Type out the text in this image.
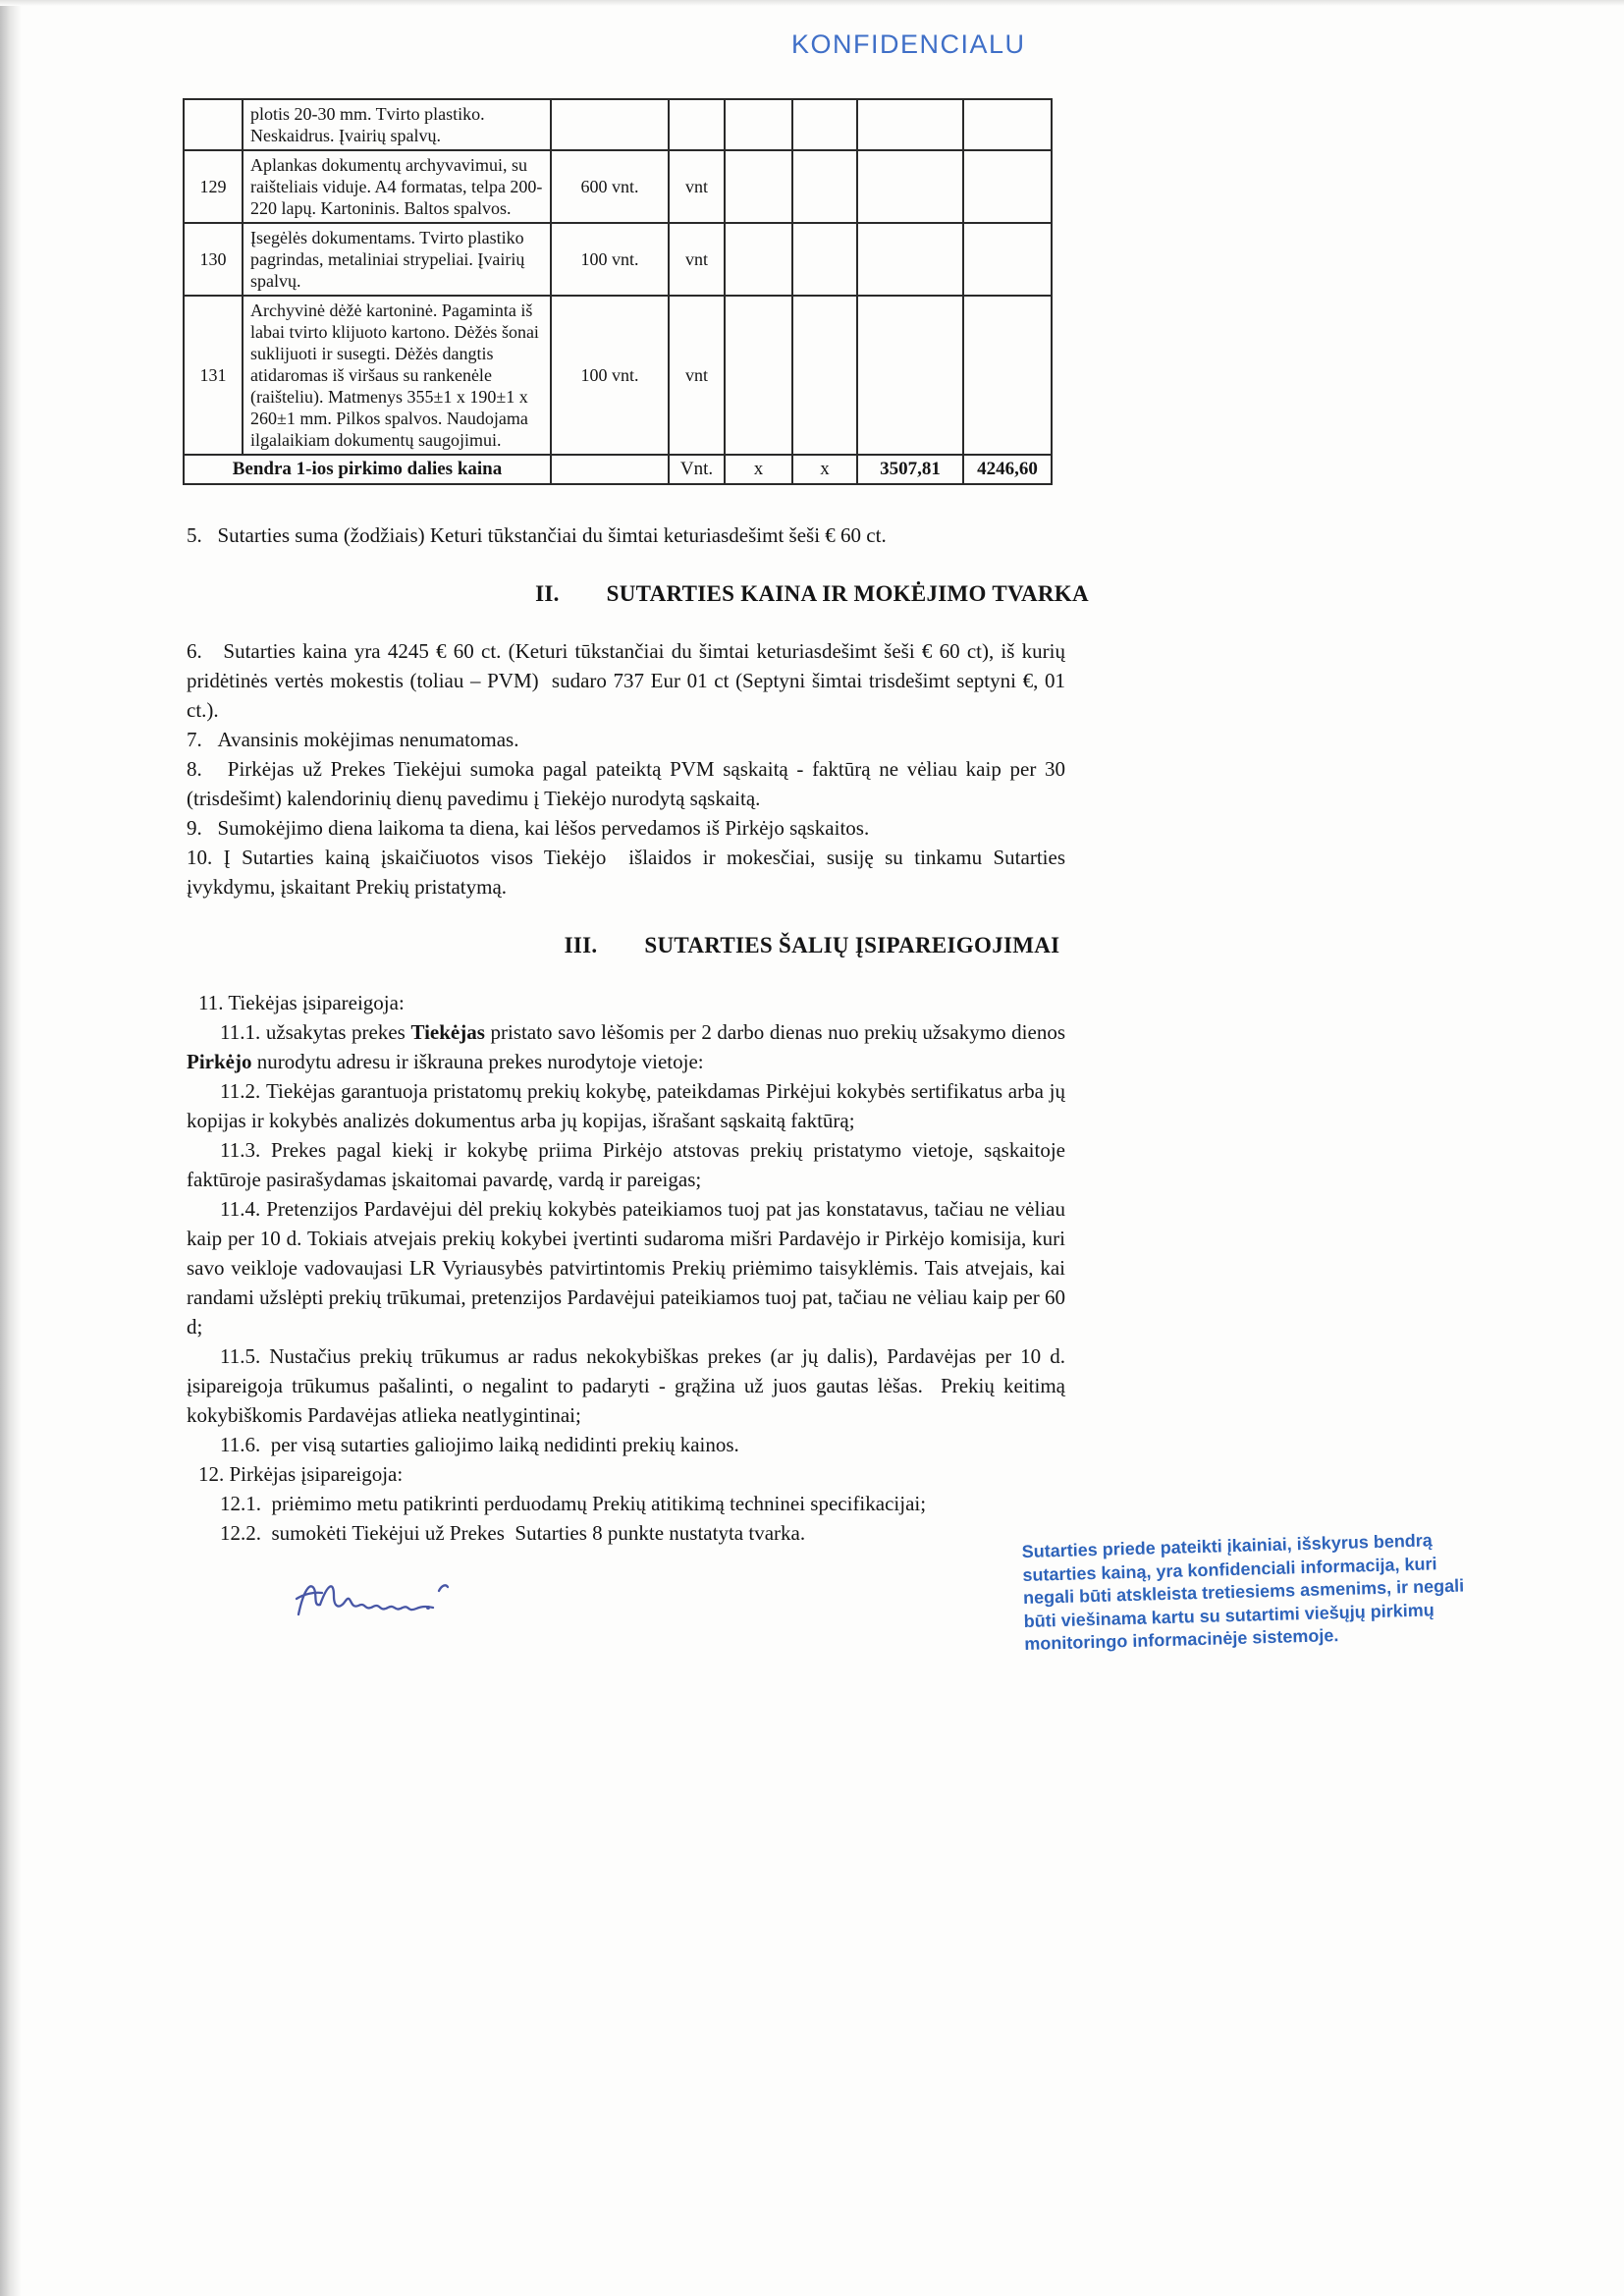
KONFIDENCIALU
	plotis 20-30 mm. Tvirto plastiko. Neskaidrus. Įvairių spalvų.						
129	Aplankas dokumentų archyvavimui, su raišteliais viduje. A4 formatas, telpa 200-220 lapų. Kartoninis. Baltos spalvos.	600 vnt.	vnt				
130	Įsegėlės dokumentams. Tvirto plastiko pagrindas, metaliniai strypeliai. Įvairių spalvų.	100 vnt.	vnt				
131	Archyvinė dėžė kartoninė. Pagaminta iš labai tvirto klijuoto kartono. Dėžės šonai suklijuoti ir susegti. Dėžės dangtis atidaromas iš viršaus su rankenėle (raišteliu). Matmenys 355±1 x 190±1 x 260±1 mm. Pilkos spalvos. Naudojama ilgalaikiam dokumentų saugojimui.	100 vnt.	vnt				
Bendra 1-ios pirkimo dalies kaina			Vnt.	x	x	3507,81	4246,60

5.   Sutarties suma (žodžiais) Keturi tūkstančiai du šimtai keturiasdešimt šeši € 60 ct.

II. SUTARTIES KAINA IR MOKĖJIMO TVARKA

6.   Sutarties kaina yra 4245 € 60 ct. (Keturi tūkstančiai du šimtai keturiasdešimt šeši € 60 ct), iš kurių pridėtinės vertės mokestis (toliau – PVM)  sudaro 737 Eur 01 ct (Septyni šimtai trisdešimt septyni €, 01 ct.).

7.   Avansinis mokėjimas nenumatomas.

8.   Pirkėjas už Prekes Tiekėjui sumoka pagal pateiktą PVM sąskaitą - faktūrą ne vėliau kaip per 30 (trisdešimt) kalendorinių dienų pavedimu į Tiekėjo nurodytą sąskaitą.

9.   Sumokėjimo diena laikoma ta diena, kai lėšos pervedamos iš Pirkėjo sąskaitos.

10. Į Sutarties kainą įskaičiuotos visos Tiekėjo  išlaidos ir mokesčiai, susiję su tinkamu Sutarties įvykdymu, įskaitant Prekių pristatymą.

III. SUTARTIES ŠALIŲ ĮSIPAREIGOJIMAI

11. Tiekėjas įsipareigoja:

11.1. užsakytas prekes Tiekėjas pristato savo lėšomis per 2 darbo dienas nuo prekių užsakymo dienos Pirkėjo nurodytu adresu ir iškrauna prekes nurodytoje vietoje:

11.2. Tiekėjas garantuoja pristatomų prekių kokybę, pateikdamas Pirkėjui kokybės sertifikatus arba jų kopijas ir kokybės analizės dokumentus arba jų kopijas, išrašant sąskaitą faktūrą;

11.3. Prekes pagal kiekį ir kokybę priima Pirkėjo atstovas prekių pristatymo vietoje, sąskaitoje faktūroje pasirašydamas įskaitomai pavardę, vardą ir pareigas;

11.4. Pretenzijos Pardavėjui dėl prekių kokybės pateikiamos tuoj pat jas konstatavus, tačiau ne vėliau kaip per 10 d. Tokiais atvejais prekių kokybei įvertinti sudaroma mišri Pardavėjo ir Pirkėjo komisija, kuri savo veikloje vadovaujasi LR Vyriausybės patvirtintomis Prekių priėmimo taisyklėmis. Tais atvejais, kai randami užslėpti prekių trūkumai, pretenzijos Pardavėjui pateikiamos tuoj pat, tačiau ne vėliau kaip per 60 d;

11.5. Nustačius prekių trūkumus ar radus nekokybiškas prekes (ar jų dalis), Pardavėjas per 10 d. įsipareigoja trūkumus pašalinti, o negalint to padaryti - grąžina už juos gautas lėšas.  Prekių keitimą kokybiškomis Pardavėjas atlieka neatlygintinai;

11.6.  per visą sutarties galiojimo laiką nedidinti prekių kainos.

12. Pirkėjas įsipareigoja:

12.1.  priėmimo metu patikrinti perduodamų Prekių atitikimą techninei specifikacijai;

12.2.  sumokėti Tiekėjui už Prekes  Sutarties 8 punkte nustatyta tvarka.	Sutarties priede pateikti įkainiai, išskyrus bendrą
sutarties kainą, yra konfidenciali informacija, kuri
negali būti atskleista tretiesiems asmenims, ir negali
būti viešinama kartu su sutartimi viešųjų pirkimų
monitoringo informacinėje sistemoje.
